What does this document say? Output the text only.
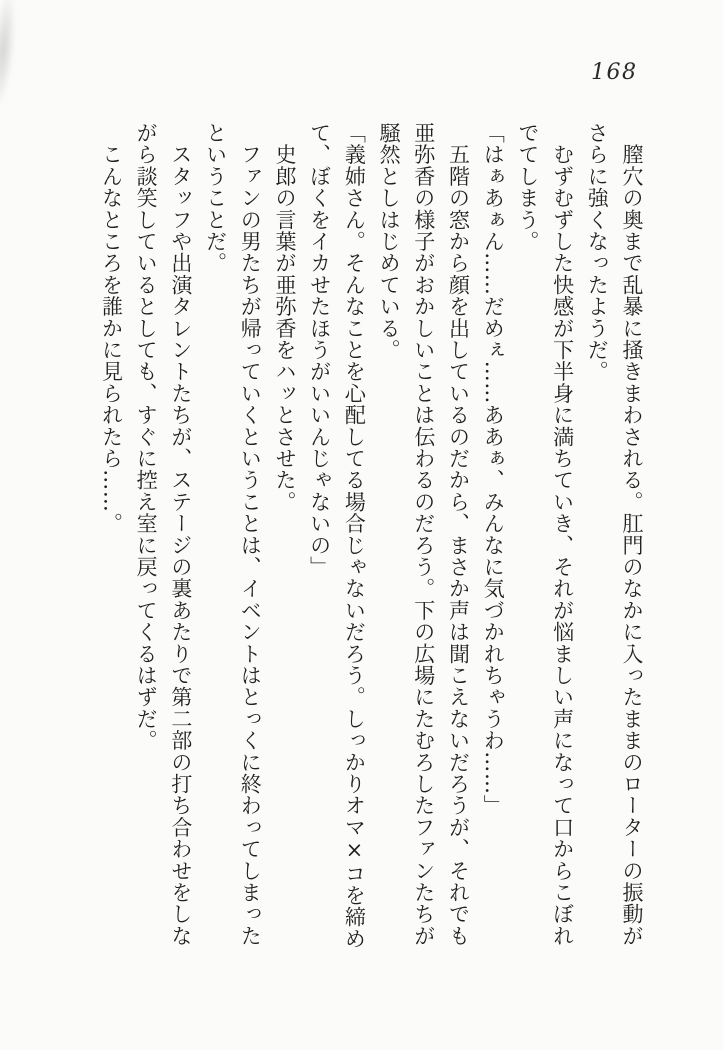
168

　膣穴の奥まで乱暴に掻きまわされる。肛門のなかに入ったままのローターの振動が

さらに強くなったようだ。

　むずむずした快感が下半身に満ちていき、それが悩ましい声になって口からこぼれ

でてしまう。

「はぁあぁん……だめぇ……ああぁ、みんなに気づかれちゃうわ……」

　五階の窓から顔を出しているのだから、まさか声は聞こえないだろうが、それでも

亜弥香の様子がおかしいことは伝わるのだろう。下の広場にたむろしたファンたちが

騒然としはじめている。

「義姉さん。そんなことを心配してる場合じゃないだろう。しっかりオマ×コを締め

て、ぼくをイカせたほうがいいんじゃないの」

　史郎の言葉が亜弥香をハッとさせた。

　ファンの男たちが帰っていくということは、イベントはとっくに終わってしまった

ということだ。

　スタッフや出演タレントたちが、ステージの裏あたりで第二部の打ち合わせをしな

がら談笑しているとしても、すぐに控え室に戻ってくるはずだ。

　こんなところを誰かに見られたら……。
